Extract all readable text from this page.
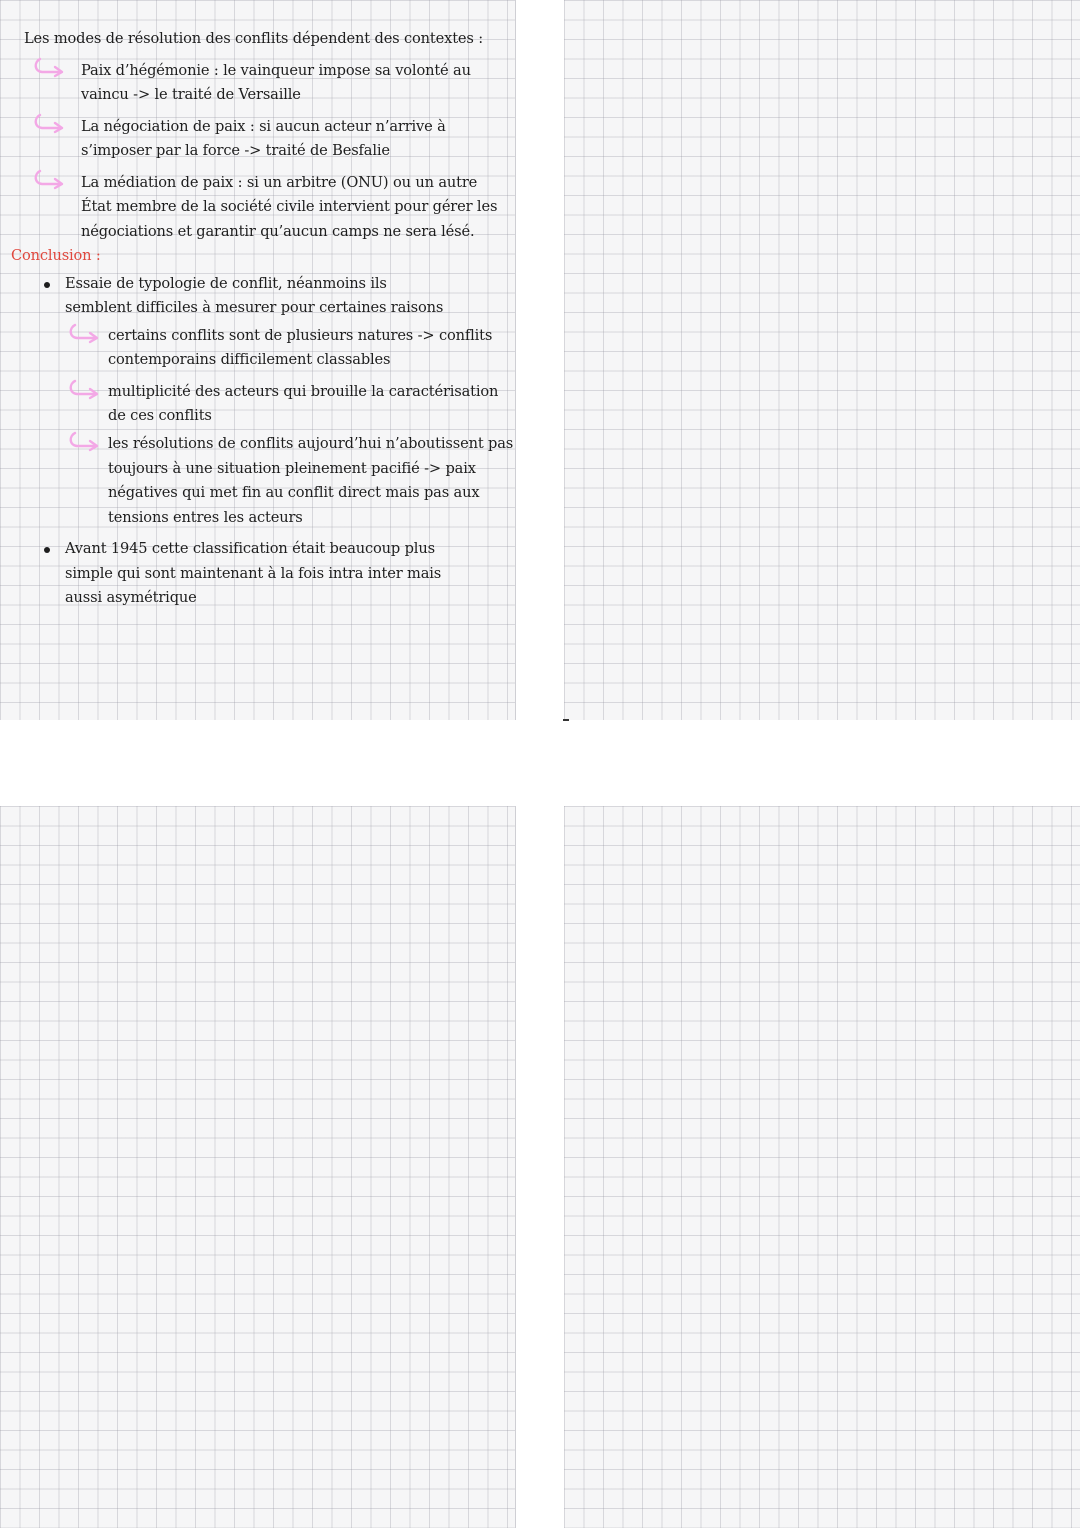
Les modes de résolution des conflits dépendent des contextes :
Paix d’hégémonie : le vainqueur impose sa volonté au
vaincu -> le traité de Versaille
La négociation de paix : si aucun acteur n’arrive à
s’imposer par la force -> traité de Besfalie
La médiation de paix : si un arbitre (ONU) ou un autre
État membre de la société civile intervient pour gérer les
négociations et garantir qu’aucun camps ne sera lésé.
Conclusion :
Essaie de typologie de conflit, néanmoins ils
semblent difficiles à mesurer pour certaines raisons
certains conflits sont de plusieurs natures -> conflits
contemporains difficilement classables
multiplicité des acteurs qui brouille la caractérisation
de ces conflits
les résolutions de conflits aujourd’hui n’aboutissent pas
toujours à une situation pleinement pacifié -> paix
négatives qui met fin au conflit direct mais pas aux
tensions entres les acteurs
Avant 1945 cette classification était beaucoup plus
simple qui sont maintenant à la fois intra inter mais
aussi asymétrique
